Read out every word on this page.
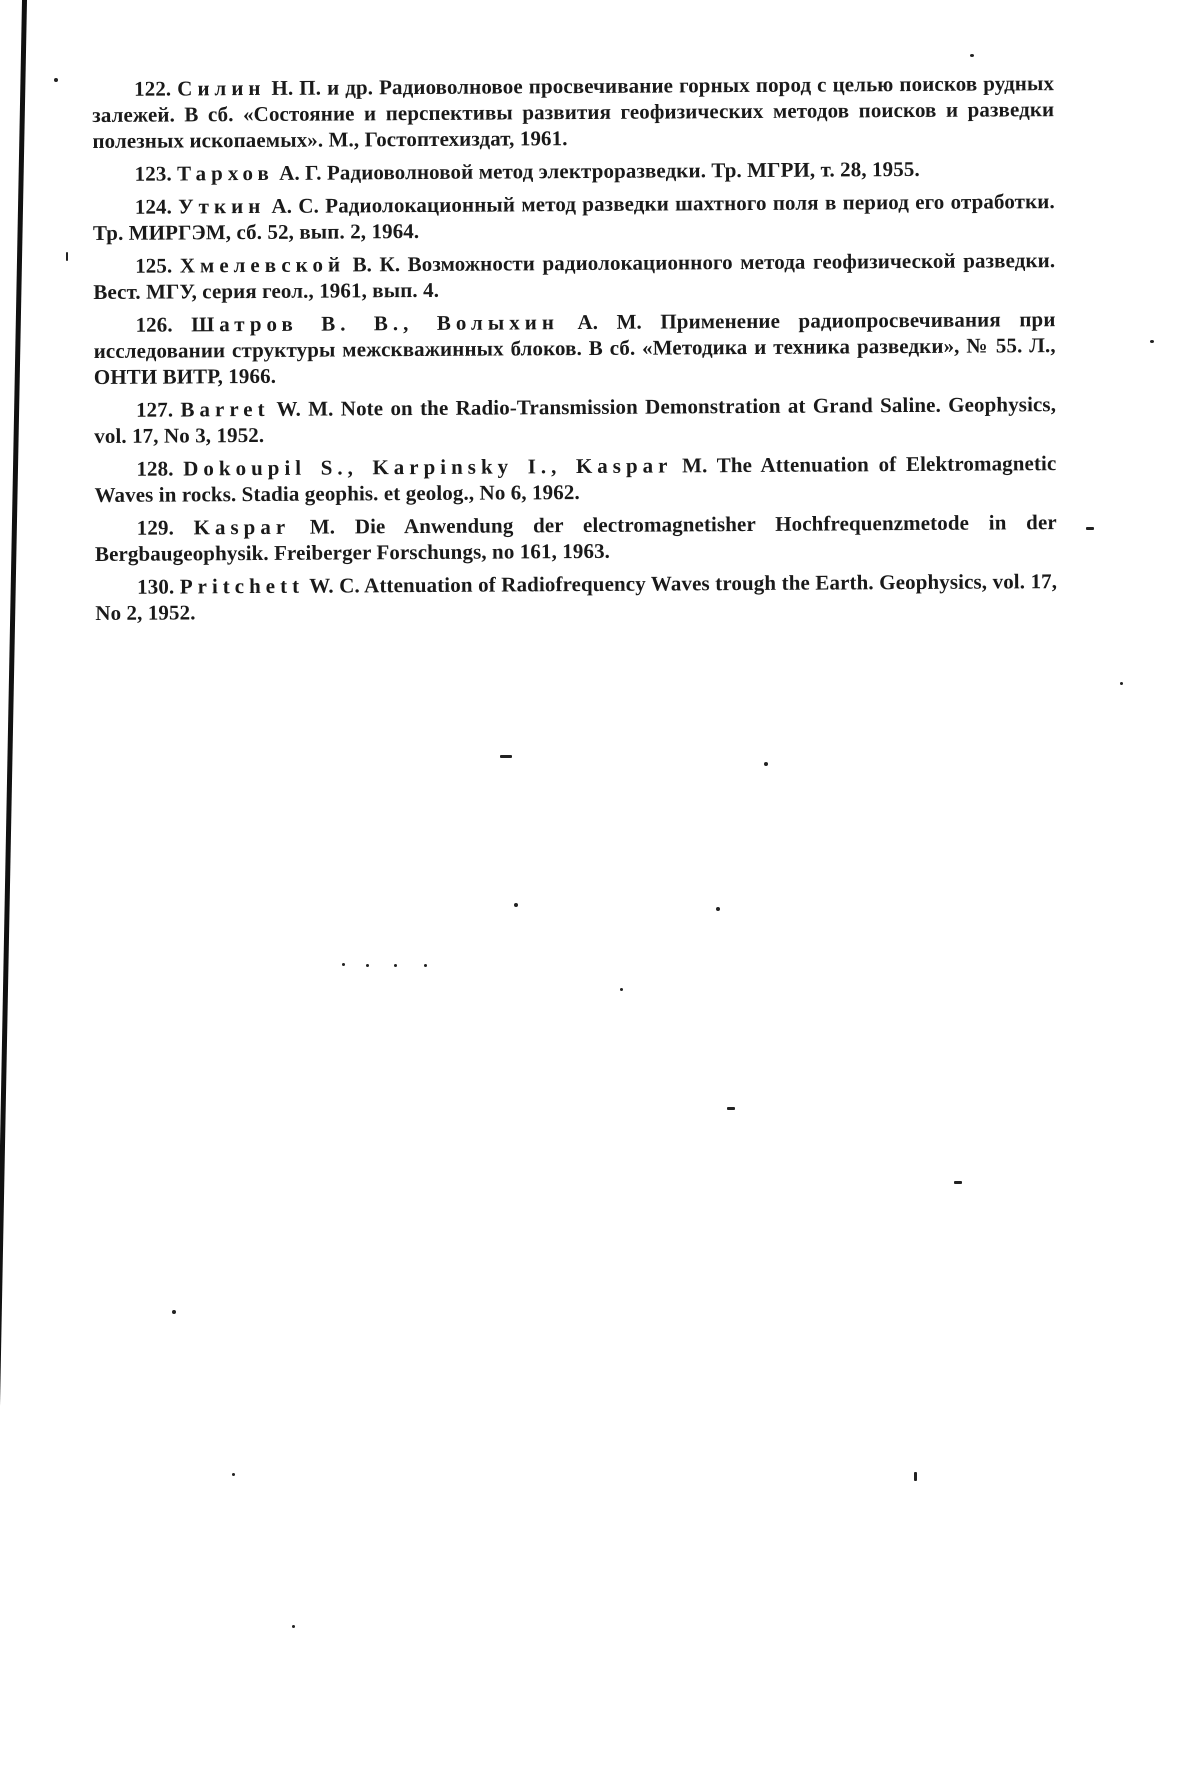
122. Силин Н. П. и др. Радиоволновое просвечивание горных пород с целью поисков рудных залежей. В сб. «Состояние и перспективы развития геофизических методов поисков и разведки полезных ископаемых». М., Гостоптехиздат, 1961.

123. Тархов А. Г. Радиоволновой метод электроразведки. Тр. МГРИ, т. 28, 1955.

124. Уткин А. С. Радиолокационный метод разведки шахтного поля в период его отработки. Тр. МИРГЭМ, сб. 52, вып. 2, 1964.

125. Хмелевской В. К. Возможности радиолокационного метода геофизической разведки. Вест. МГУ, серия геол., 1961, вып. 4.

126. Шатров В. В., Волыхин А. М. Применение радиопросвечивания при исследовании структуры межскважинных блоков. В сб. «Методика и техника разведки», № 55. Л., ОНТИ ВИТР, 1966.

127. Barret W. M. Note on the Radio-Transmission Demonstration at Grand Saline. Geophysics, vol. 17, No 3, 1952.

128. Dokoupil S., Karpinsky I., Kaspar M. The Attenuation of Elektromagnetic Waves in rocks. Stadia geophis. et geolog., No 6, 1962.

129. Kaspar M. Die Anwendung der electromagnetisher Hochfrequenzmetode in der Bergbaugeophysik. Freiberger Forschungs, no 161, 1963.

130. Pritchett W. C. Attenuation of Radiofrequency Waves trough the Earth. Geophysics, vol. 17, No 2, 1952.
